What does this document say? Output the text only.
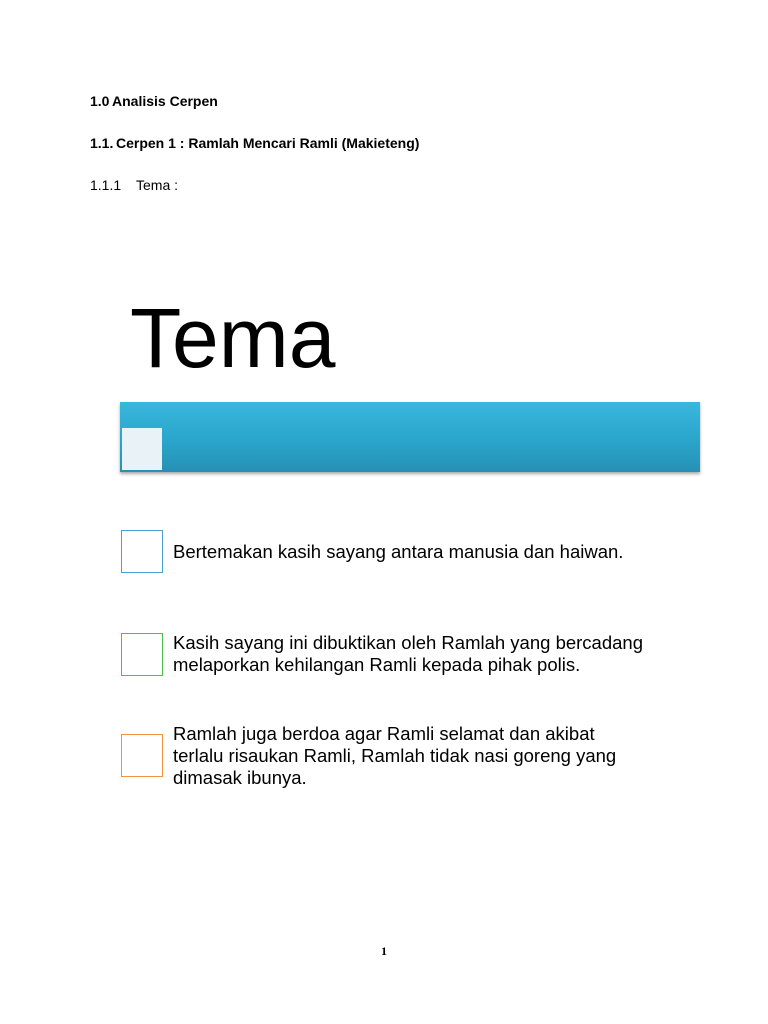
1.0 Analisis Cerpen
1.1. Cerpen 1 : Ramlah Mencari Ramli (Makieteng)
1.1.1 Tema :
Tema
Bertemakan kasih sayang antara manusia dan haiwan.
Kasih sayang ini dibuktikan oleh Ramlah yang bercadang melaporkan kehilangan Ramli kepada pihak polis.
Ramlah juga berdoa agar Ramli selamat dan akibat
terlalu risaukan Ramli, Ramlah tidak nasi goreng yang
dimasak ibunya.
1
